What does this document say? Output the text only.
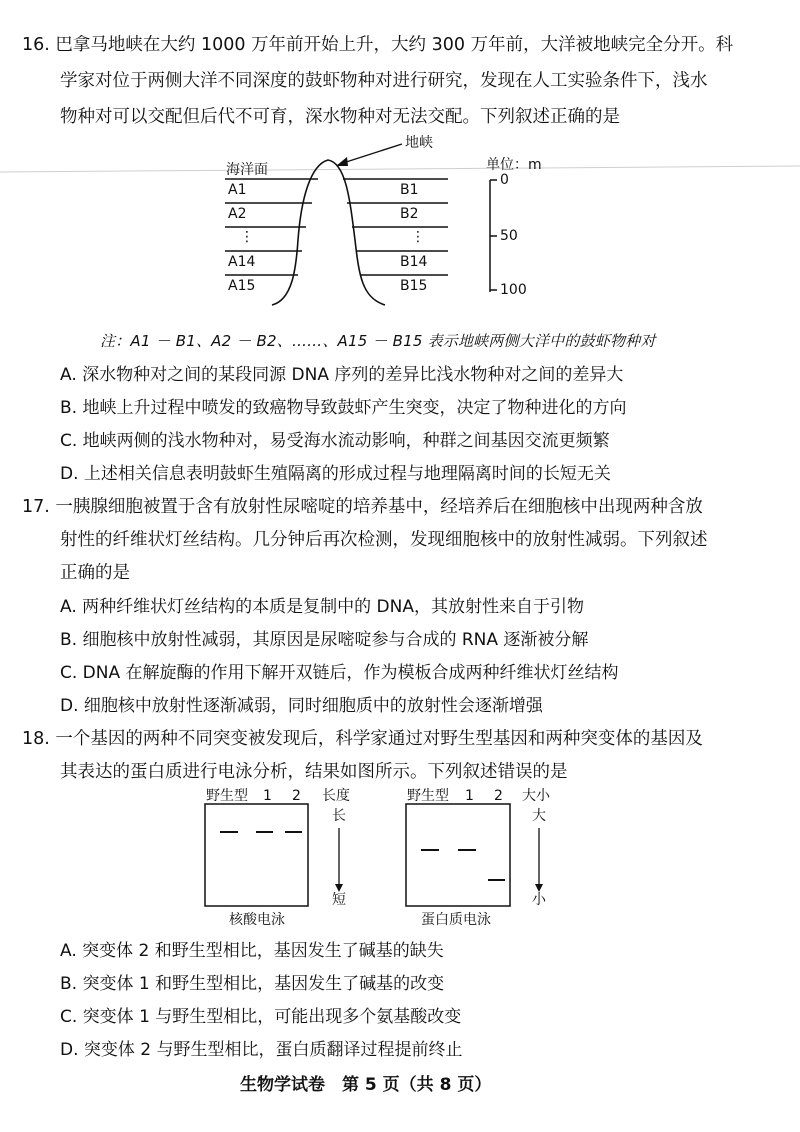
16. 巴拿马地峡在大约 1000 万年前开始上升，大约 300 万年前，大洋被地峡完全分开。科
学家对位于两侧大洋不同深度的鼓虾物种对进行研究，发现在人工实验条件下，浅水
物种对可以交配但后代不可育，深水物种对无法交配。下列叙述正确的是
地峡
海洋面	单位：m
A1
A2
⋮
A14
A15
B1
B2
⋮
B14
B15
0
50
100
注：A1 － B1、A2 － B2、……、A15 － B15 表示地峡两侧大洋中的鼓虾物种对
A. 深水物种对之间的某段同源 DNA 序列的差异比浅水物种对之间的差异大
B. 地峡上升过程中喷发的致癌物导致鼓虾产生突变，决定了物种进化的方向
C. 地峡两侧的浅水物种对，易受海水流动影响，种群之间基因交流更频繁
D. 上述相关信息表明鼓虾生殖隔离的形成过程与地理隔离时间的长短无关
17. 一胰腺细胞被置于含有放射性尿嘧啶的培养基中，经培养后在细胞核中出现两种含放
射性的纤维状灯丝结构。几分钟后再次检测，发现细胞核中的放射性减弱。下列叙述
正确的是
A. 两种纤维状灯丝结构的本质是复制中的 DNA，其放射性来自于引物
B. 细胞核中放射性减弱，其原因是尿嘧啶参与合成的 RNA 逐渐被分解
C. DNA 在解旋酶的作用下解开双链后，作为模板合成两种纤维状灯丝结构
D. 细胞核中放射性逐渐减弱，同时细胞质中的放射性会逐渐增强
18. 一个基因的两种不同突变被发现后，科学家通过对野生型基因和两种突变体的基因及
其表达的蛋白质进行电泳分析，结果如图所示。下列叙述错误的是
野生型 1 2 长度
长
短
核酸电泳
野生型 1 2 大小
大
小
蛋白质电泳
A. 突变体 2 和野生型相比，基因发生了碱基的缺失
B. 突变体 1 和野生型相比，基因发生了碱基的改变
C. 突变体 1 与野生型相比，可能出现多个氨基酸改变
D. 突变体 2 与野生型相比，蛋白质翻译过程提前终止
生物学试卷　第 5 页（共 8 页）
